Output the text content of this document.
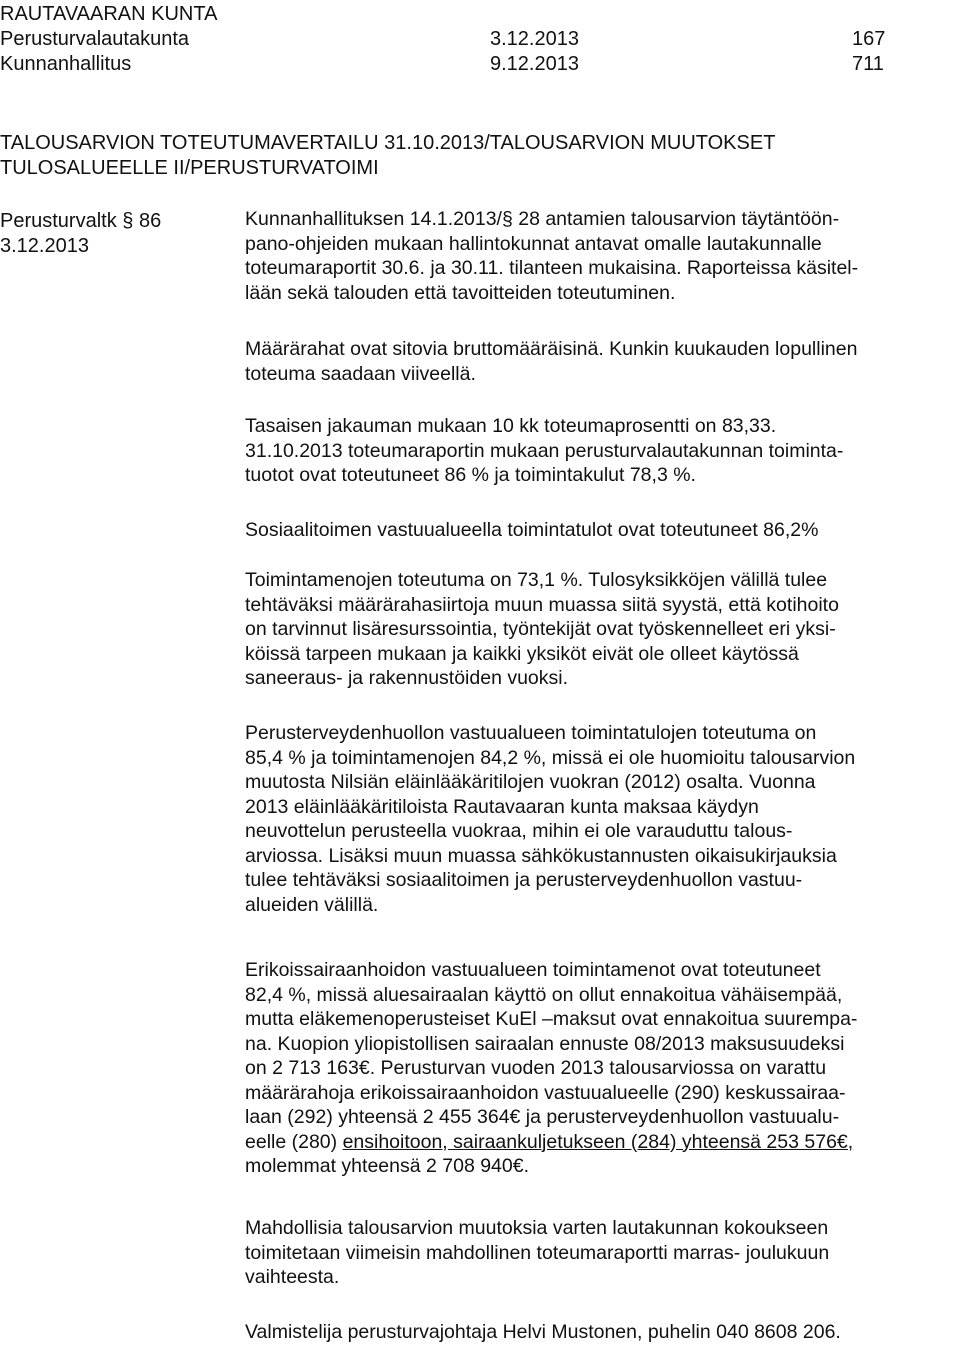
RAUTAVAARAN KUNTA
Perusturvalautakunta	3.12.2013	167
Kunnanhallitus	9.12.2013	711
TALOUSARVION TOTEUTUMAVERTAILU 31.10.2013/TALOUSARVION MUUTOKSET
TULOSALUEELLE II/PERUSTURVATOIMI
Perusturvaltk § 86
3.12.2013
Kunnanhallituksen 14.1.2013/§ 28 antamien talousarvion täytäntöön-
pano-ohjeiden mukaan hallintokunnat antavat omalle lautakunnalle
toteumaraportit 30.6. ja 30.11. tilanteen mukaisina. Raporteissa käsitel-
lään sekä talouden että tavoitteiden toteutuminen.
Määrärahat ovat sitovia bruttomääräisinä. Kunkin kuukauden lopullinen
toteuma saadaan viiveellä.
Tasaisen jakauman mukaan 10 kk toteumaprosentti on 83,33.
31.10.2013 toteumaraportin mukaan perusturvalautakunnan toiminta-
tuotot ovat toteutuneet 86 % ja toimintakulut 78,3 %.
Sosiaalitoimen vastuualueella toimintatulot ovat toteutuneet 86,2%
Toimintamenojen toteutuma on 73,1 %. Tulosyksikköjen välillä tulee
tehtäväksi määrärahasiirtoja muun muassa siitä syystä, että kotihoito
on tarvinnut lisäresurssointia, työntekijät ovat työskennelleet eri yksi-
köissä tarpeen mukaan ja kaikki yksiköt eivät ole olleet käytössä
saneeraus- ja rakennustöiden vuoksi.
Perusterveydenhuollon vastuualueen toimintatulojen toteutuma on
85,4 % ja toimintamenojen 84,2 %, missä ei ole huomioitu talousarvion
muutosta Nilsiän eläinlääkäritilojen vuokran (2012) osalta. Vuonna
2013 eläinlääkäritiloista Rautavaaran kunta maksaa käydyn
neuvottelun perusteella vuokraa, mihin ei ole varauduttu talous-
arviossa. Lisäksi muun muassa sähkökustannusten oikaisukirjauksia
tulee tehtäväksi sosiaalitoimen ja perusterveydenhuollon vastuu-
alueiden välillä.
Erikoissairaanhoidon vastuualueen toimintamenot ovat toteutuneet
82,4 %, missä aluesairaalan käyttö on ollut ennakoitua vähäisempää,
mutta eläkemenoperusteiset KuEl –maksut ovat ennakoitua suurempa-
na. Kuopion yliopistollisen sairaalan ennuste 08/2013 maksusuudeksi
on 2 713 163€. Perusturvan vuoden 2013 talousarviossa on varattu
määrärahoja erikoissairaanhoidon vastuualueelle (290) keskussairaa-
laan (292) yhteensä 2 455 364€ ja perusterveydenhuollon vastuualu-
eelle (280) ensihoitoon, sairaankuljetukseen (284) yhteensä 253 576€,
molemmat yhteensä 2 708 940€.
Mahdollisia talousarvion muutoksia varten lautakunnan kokoukseen
toimitetaan viimeisin mahdollinen toteumaraportti marras- joulukuun
vaihteesta.
Valmistelija perusturvajohtaja Helvi Mustonen, puhelin 040 8608 206.
